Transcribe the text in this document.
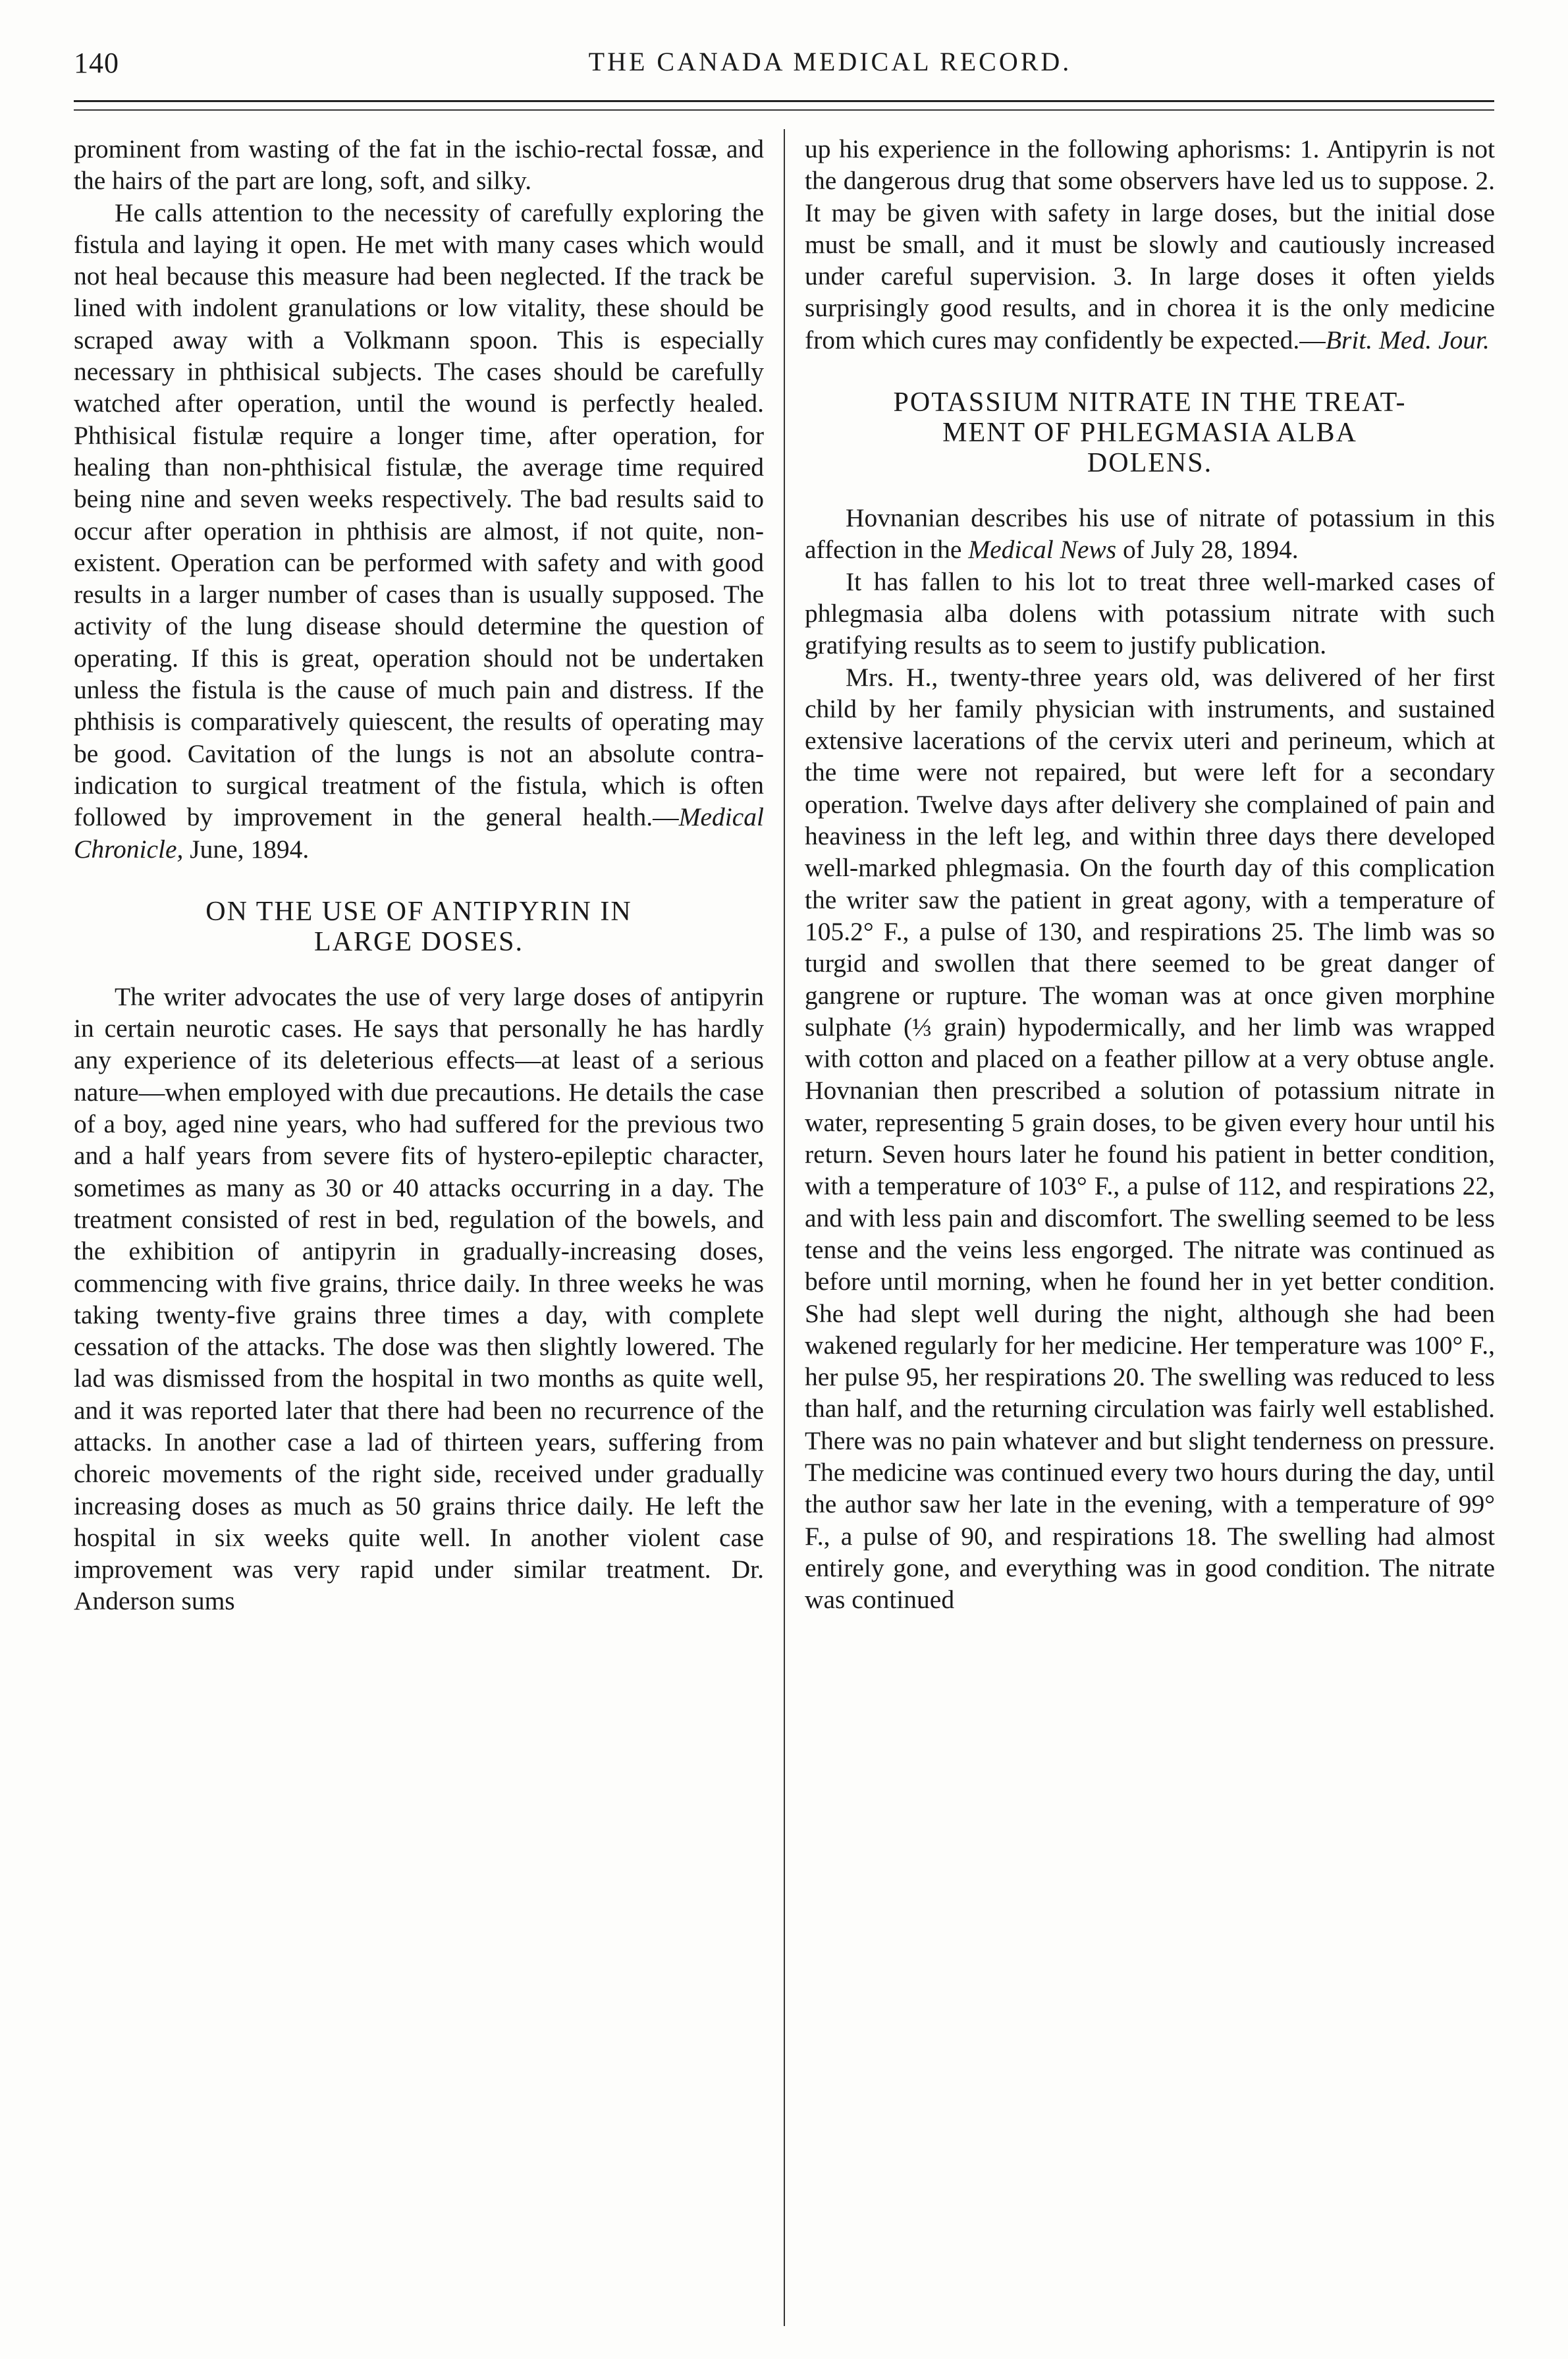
140	THE CANADA MEDICAL RECORD.

prominent from wasting of the fat in the ischio-rectal fossæ, and the hairs of the part are long, soft, and silky.

He calls attention to the necessity of carefully exploring the fistula and laying it open. He met with many cases which would not heal because this measure had been neglected. If the track be lined with indolent granulations or low vitality, these should be scraped away with a Volkmann spoon. This is especially necessary in phthisical subjects. The cases should be carefully watched after operation, until the wound is perfectly healed. Phthisical fistulæ require a longer time, after operation, for healing than non-phthisical fistulæ, the average time required being nine and seven weeks respectively. The bad results said to occur after operation in phthisis are almost, if not quite, non-existent. Operation can be performed with safety and with good results in a larger number of cases than is usually supposed. The activity of the lung disease should determine the question of operating. If this is great, operation should not be undertaken unless the fistula is the cause of much pain and distress. If the phthisis is comparatively quiescent, the results of operating may be good. Cavitation of the lungs is not an absolute contra-indication to surgical treatment of the fistula, which is often followed by improvement in the general health.—Medical Chronicle, June, 1894.

ON THE USE OF ANTIPYRIN IN
LARGE DOSES.

The writer advocates the use of very large doses of antipyrin in certain neurotic cases. He says that personally he has hardly any experience of its deleterious effects—at least of a serious nature—when employed with due precautions. He details the case of a boy, aged nine years, who had suffered for the previous two and a half years from severe fits of hystero-epileptic character, sometimes as many as 30 or 40 attacks occurring in a day. The treatment consisted of rest in bed, regulation of the bowels, and the exhibition of antipyrin in gradually-increasing doses, commencing with five grains, thrice daily. In three weeks he was taking twenty-five grains three times a day, with complete cessation of the attacks. The dose was then slightly lowered. The lad was dismissed from the hospital in two months as quite well, and it was reported later that there had been no recurrence of the attacks. In another case a lad of thirteen years, suffering from choreic movements of the right side, received under gradually increasing doses as much as 50 grains thrice daily. He left the hospital in six weeks quite well. In another violent case improvement was very rapid under similar treatment. Dr. Anderson sums

up his experience in the following aphorisms: 1. Antipyrin is not the dangerous drug that some observers have led us to suppose. 2. It may be given with safety in large doses, but the initial dose must be small, and it must be slowly and cautiously increased under careful supervision. 3. In large doses it often yields surprisingly good results, and in chorea it is the only medicine from which cures may confidently be expected.—Brit. Med. Jour.

POTASSIUM NITRATE IN THE TREAT-
MENT OF PHLEGMASIA ALBA
DOLENS.

Hovnanian describes his use of nitrate of potassium in this affection in the Medical News of July 28, 1894.

It has fallen to his lot to treat three well-marked cases of phlegmasia alba dolens with potassium nitrate with such gratifying results as to seem to justify publication.

Mrs. H., twenty-three years old, was delivered of her first child by her family physician with instruments, and sustained extensive lacerations of the cervix uteri and perineum, which at the time were not repaired, but were left for a secondary operation. Twelve days after delivery she complained of pain and heaviness in the left leg, and within three days there developed well-marked phlegmasia. On the fourth day of this complication the writer saw the patient in great agony, with a temperature of 105.2° F., a pulse of 130, and respirations 25. The limb was so turgid and swollen that there seemed to be great danger of gangrene or rupture. The woman was at once given morphine sulphate (⅓ grain) hypodermically, and her limb was wrapped with cotton and placed on a feather pillow at a very obtuse angle. Hovnanian then prescribed a solution of potassium nitrate in water, representing 5 grain doses, to be given every hour until his return. Seven hours later he found his patient in better condition, with a temperature of 103° F., a pulse of 112, and respirations 22, and with less pain and discomfort. The swelling seemed to be less tense and the veins less engorged. The nitrate was continued as before until morning, when he found her in yet better condition. She had slept well during the night, although she had been wakened regularly for her medicine. Her temperature was 100° F., her pulse 95, her respirations 20. The swelling was reduced to less than half, and the returning circulation was fairly well established. There was no pain whatever and but slight tenderness on pressure. The medicine was continued every two hours during the day, until the author saw her late in the evening, with a temperature of 99° F., a pulse of 90, and respirations 18. The swelling had almost entirely gone, and everything was in good condition. The nitrate was continued
